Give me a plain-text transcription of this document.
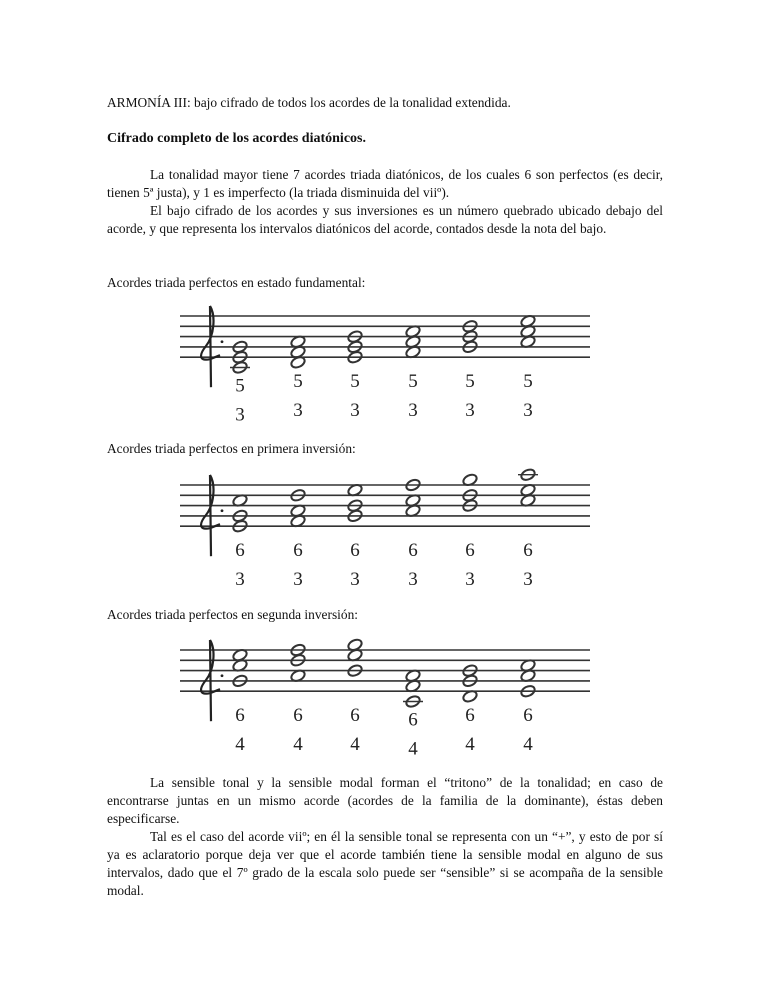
ARMONÍA III: bajo cifrado de todos los acordes de la tonalidad extendida.
Cifrado completo de los acordes diatónicos.
La tonalidad mayor tiene 7 acordes triada diatónicos, de los cuales 6 son perfectos (es decir, tienen 5ª justa), y 1 es imperfecto (la triada disminuida del viiº).
El bajo cifrado de los acordes y sus inversiones es un número quebrado ubicado debajo del acorde, y que representa los intervalos diatónicos del acorde, contados desde la nota del bajo.
Acordes triada perfectos en estado fundamental:
5
3
5
3
5
3
5
3
5
3
5
3
Acordes triada perfectos en primera inversión:
6
3
6
3
6
3
6
3
6
3
6
3
Acordes triada perfectos en segunda inversión:
6
4
6
4
6
4
6
4
6
4
6
4
La sensible tonal y la sensible modal forman el “tritono” de la tonalidad; en caso de encontrarse juntas en un mismo acorde (acordes de la familia de la dominante), éstas deben especificarse.
Tal es el caso del acorde viiº; en él la sensible tonal se representa con un “+”, y esto de por sí ya es aclaratorio porque deja ver que el acorde también tiene la sensible modal en alguno de sus intervalos, dado que el 7º grado de la escala solo puede ser “sensible” si se acompaña de la sensible modal.
